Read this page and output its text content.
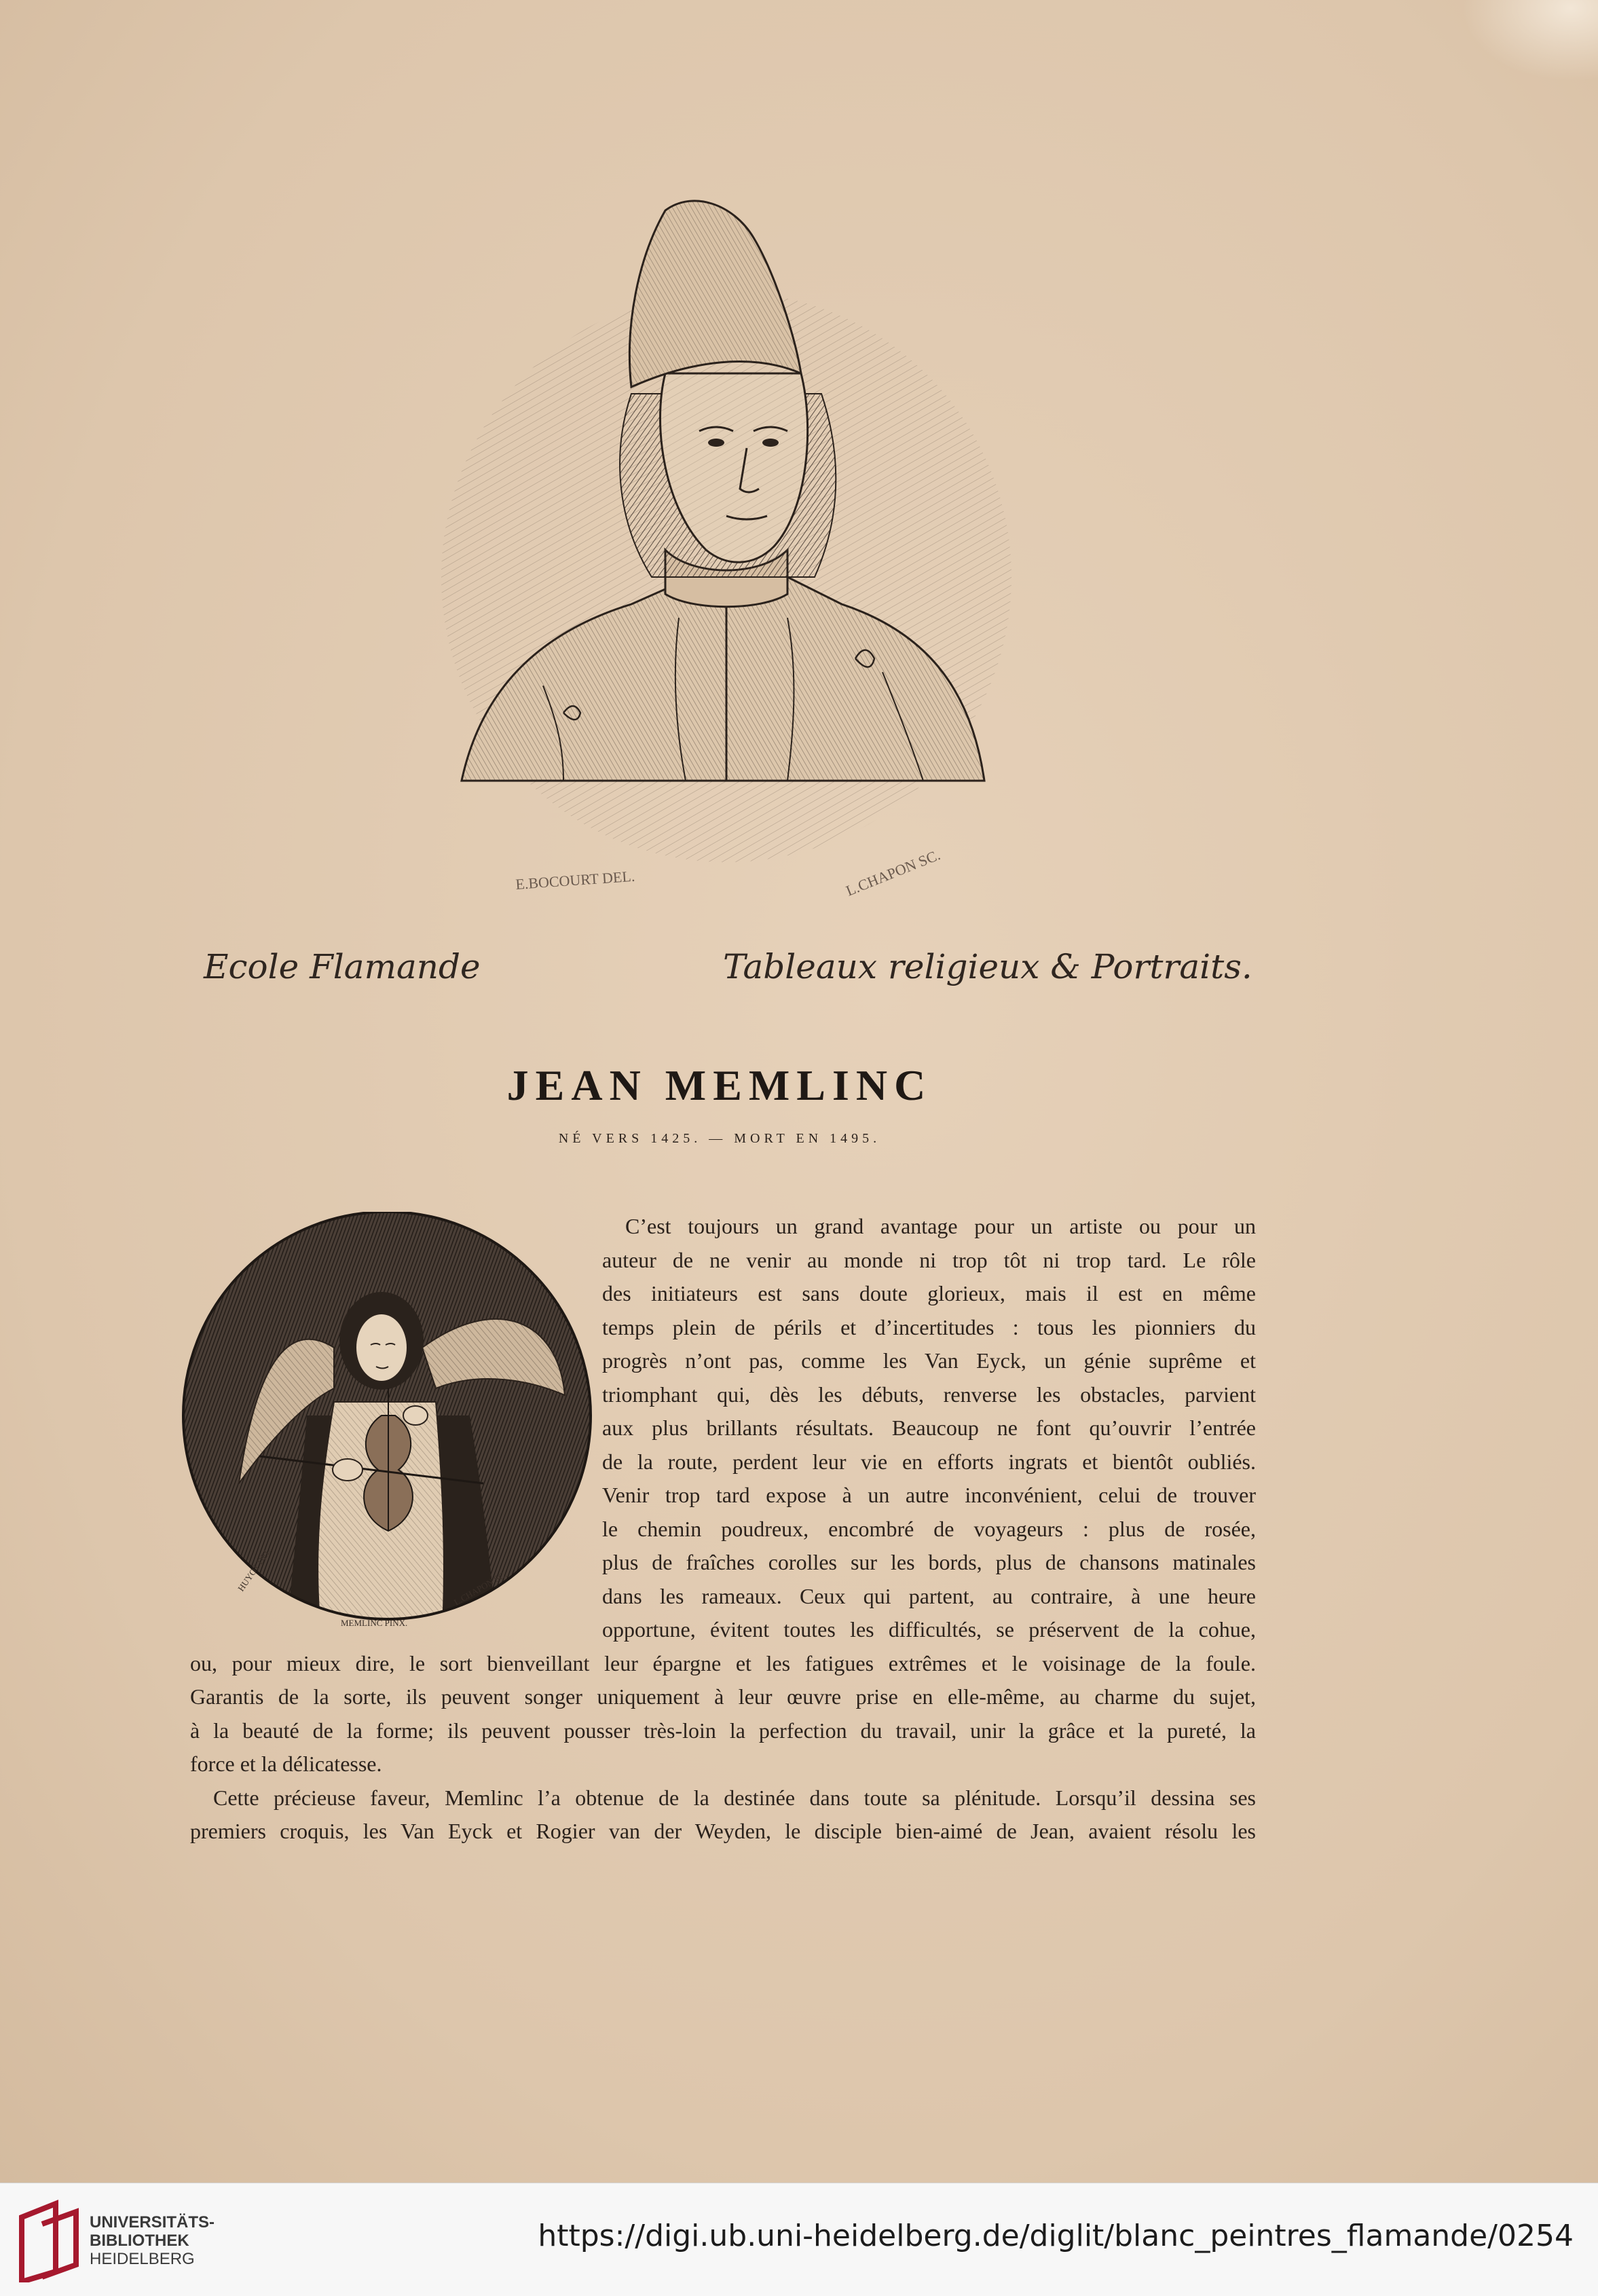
E.BOCOURT DEL.	L.CHAPON SC.
Ecole Flamande	Tableaux religieux & Portraits.
JEAN MEMLINC
NÉ VERS 1425. — MORT EN 1495.
HUYOT DEL.
MEMLINC PINX.
L.CHAPON SC.
C’est toujours un grand avantage pour un artiste ou pour un
auteur de ne venir au monde ni trop tôt ni trop tard. Le rôle
des initiateurs est sans doute glorieux, mais il est en même
temps plein de périls et d’incertitudes : tous les pionniers du
progrès n’ont pas, comme les Van Eyck, un génie suprême et
triomphant qui, dès les débuts, renverse les obstacles, parvient
aux plus brillants résultats. Beaucoup ne font qu’ouvrir l’entrée
de la route, perdent leur vie en efforts ingrats et bientôt oubliés.
Venir trop tard expose à un autre inconvénient, celui de trouver
le chemin poudreux, encombré de voyageurs : plus de rosée,
plus de fraîches corolles sur les bords, plus de chansons matinales
dans les rameaux. Ceux qui partent, au contraire, à une heure
opportune, évitent toutes les difficultés, se préservent de la cohue,
ou, pour mieux dire, le sort bienveillant leur épargne et les fatigues extrêmes et le voisinage de la foule.
Garantis de la sorte, ils peuvent songer uniquement à leur œuvre prise en elle-même, au charme du sujet,
à la beauté de la forme; ils peuvent pousser très-loin la perfection du travail, unir la grâce et la pureté, la
force et la délicatesse.
Cette précieuse faveur, Memlinc l’a obtenue de la destinée dans toute sa plénitude. Lorsqu’il dessina ses
premiers croquis, les Van Eyck et Rogier van der Weyden, le disciple bien-aimé de Jean, avaient résolu les
UNIVERSITÄTS-
BIBLIOTHEK
HEIDELBERG
https://digi.ub.uni-heidelberg.de/diglit/blanc_peintres_flamande/0254
